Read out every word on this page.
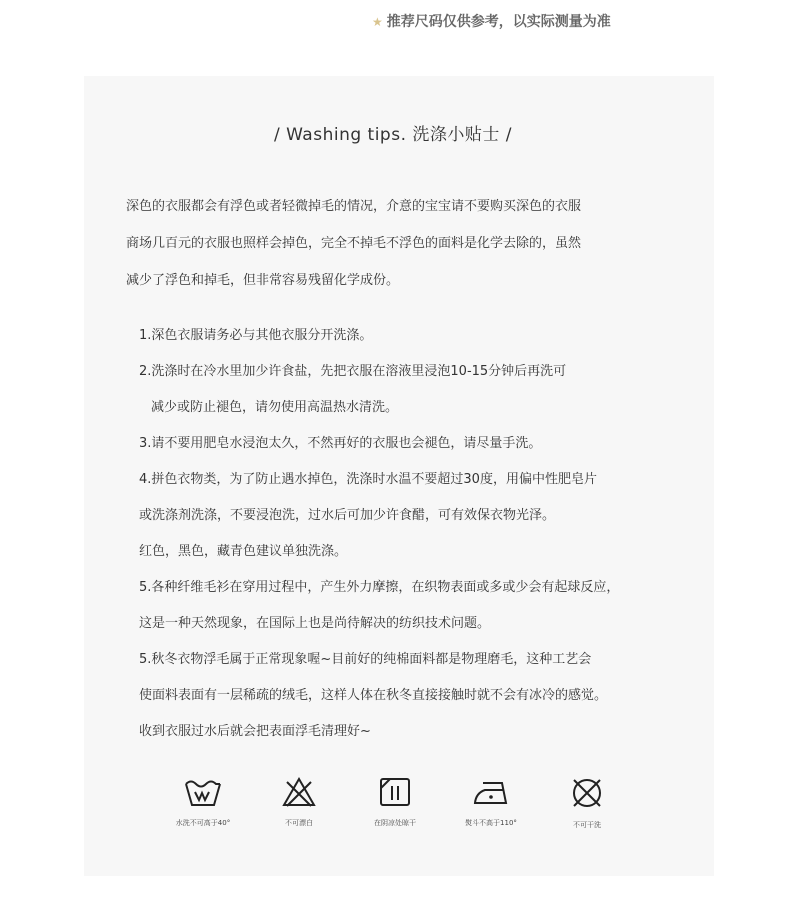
★ 推荐尺码仅供参考，以实际测量为准
/ Washing tips. 洗涤小贴士 /
深色的衣服都会有浮色或者轻微掉毛的情况，介意的宝宝请不要购买深色的衣服
商场几百元的衣服也照样会掉色，完全不掉毛不浮色的面料是化学去除的，虽然
减少了浮色和掉毛，但非常容易残留化学成份。
1.深色衣服请务必与其他衣服分开洗涤。
2.洗涤时在冷水里加少许食盐，先把衣服在溶液里浸泡10-15分钟后再洗可
减少或防止褪色，请勿使用高温热水清洗。
3.请不要用肥皂水浸泡太久，不然再好的衣服也会褪色，请尽量手洗。
4.拼色衣物类，为了防止遇水掉色，洗涤时水温不要超过30度，用偏中性肥皂片
或洗涤剂洗涤，不要浸泡洗，过水后可加少许食醋，可有效保衣物光泽。
红色，黑色，藏青色建议单独洗涤。
5.各种纤维毛衫在穿用过程中，产生外力摩擦，在织物表面或多或少会有起球反应，
这是一种天然现象，在国际上也是尚待解决的纺织技术问题。
5.秋冬衣物浮毛属于正常现象喔~目前好的纯棉面料都是物理磨毛，这种工艺会
使面料表面有一层稀疏的绒毛，这样人体在秋冬直接接触时就不会有冰冷的感觉。
收到衣服过水后就会把表面浮毛清理好~
水洗不可高于40°	不可漂白	在阴凉处晾干	熨斗不高于110°	不可干洗
